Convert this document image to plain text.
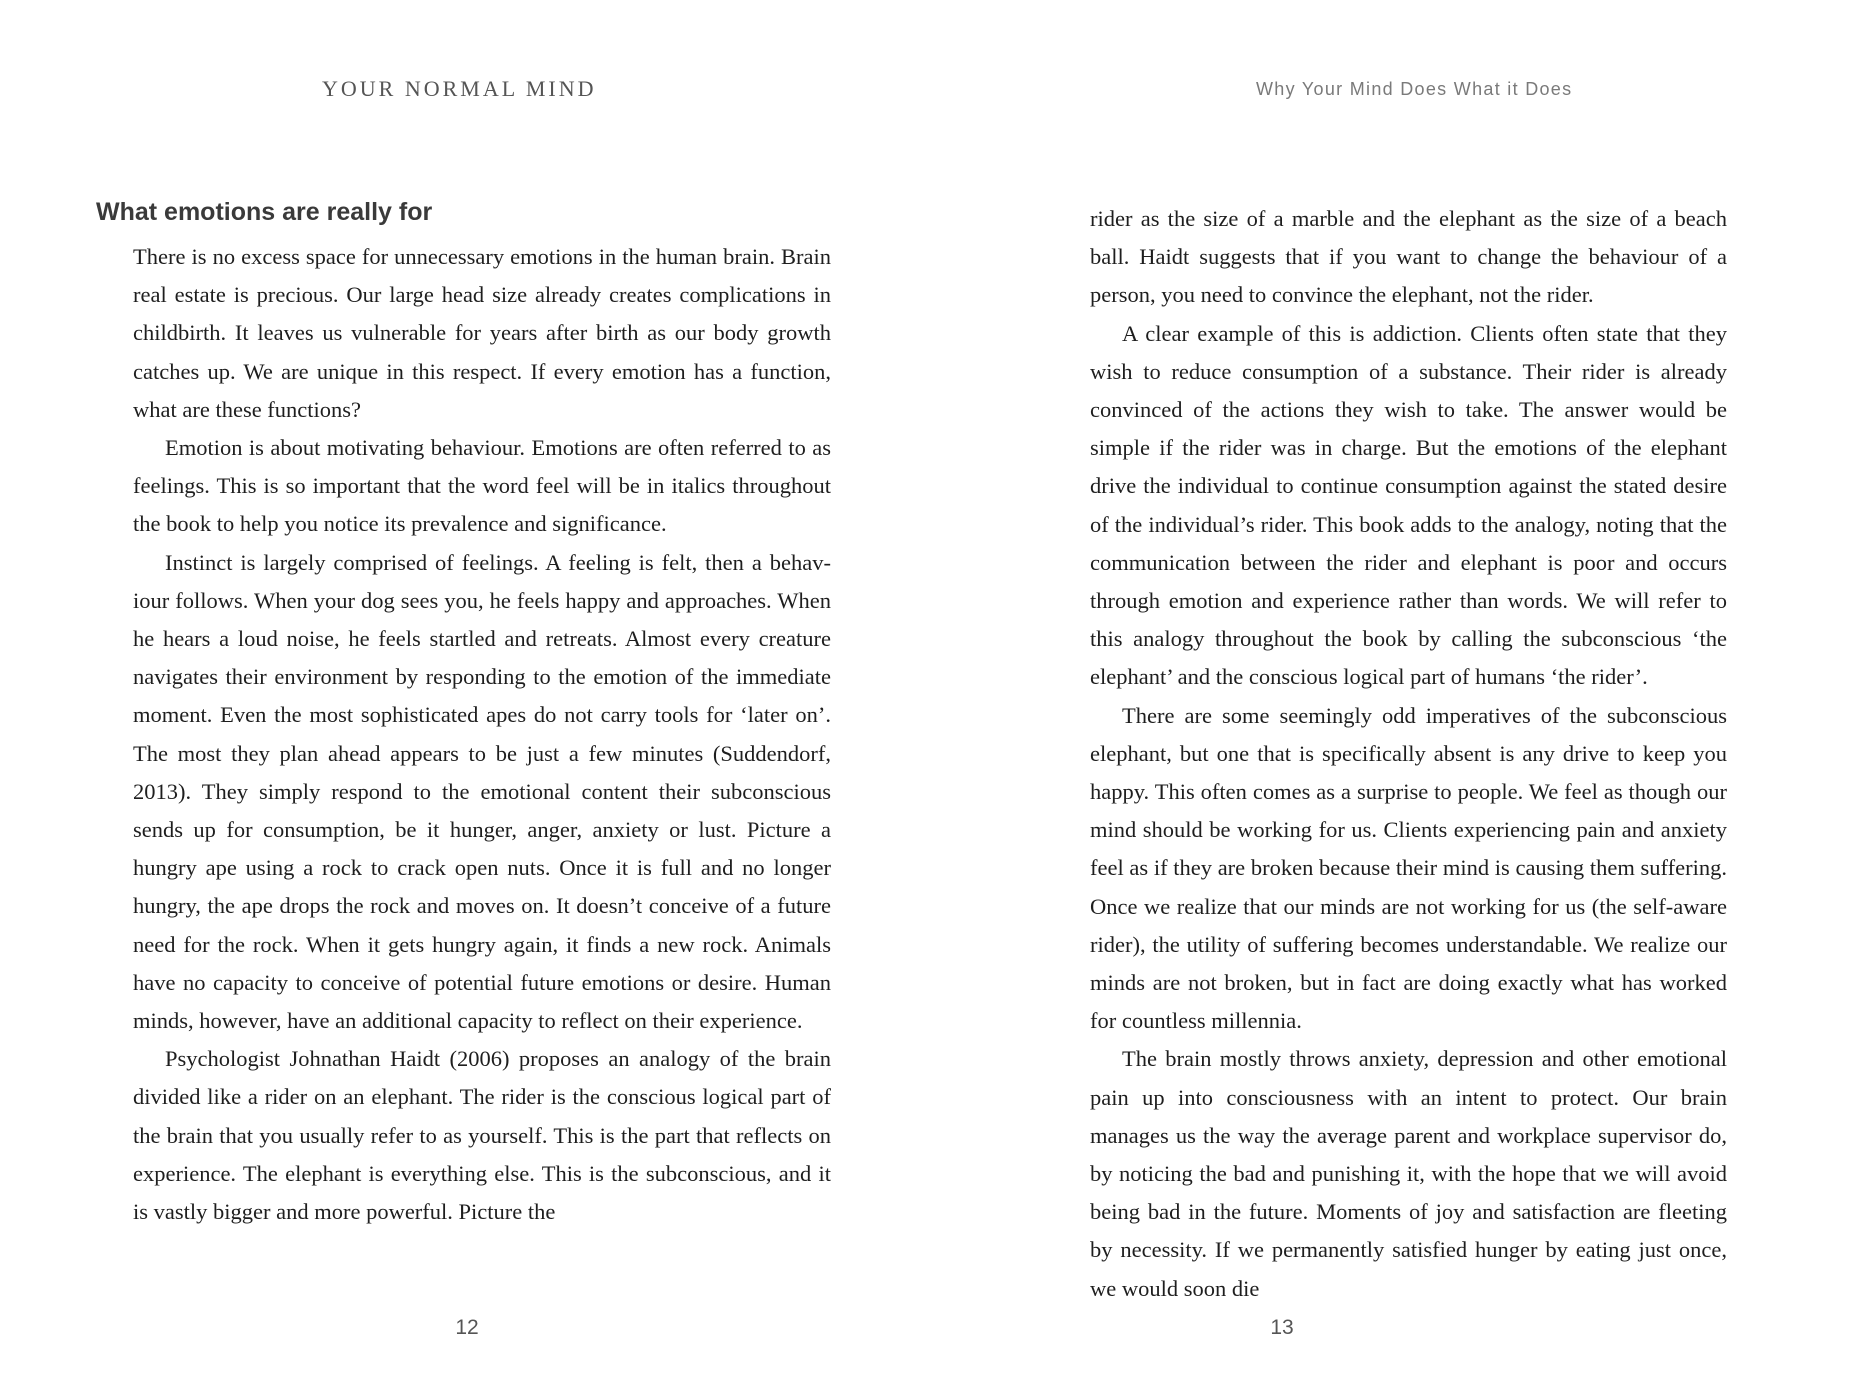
YOUR NORMAL MIND
What emotions are really for

There is no excess space for unnecessary emotions in the human brain. Brain real estate is precious. Our large head size already creates complications in childbirth. It leaves us vulnerable for years after birth as our body growth catches up. We are unique in this respect. If every emotion has a function, what are these functions?

Emotion is about motivating behaviour. Emotions are often referred to as feelings. This is so important that the word feel will be in italics throughout the book to help you notice its prevalence and significance.

Instinct is largely comprised of feelings. A feeling is felt, then a behaviour follows. When your dog sees you, he feels happy and approaches. When he hears a loud noise, he feels startled and retreats. Almost every creature navigates their environment by responding to the emotion of the immediate moment. Even the most sophisticated apes do not carry tools for ‘later on’. The most they plan ahead appears to be just a few minutes (Suddendorf, 2013). They simply respond to the emotional content their subconscious sends up for consumption, be it hunger, anger, anxiety or lust. Picture a hungry ape using a rock to crack open nuts. Once it is full and no longer hungry, the ape drops the rock and moves on. It doesn’t conceive of a future need for the rock. When it gets hungry again, it finds a new rock. Animals have no capacity to conceive of potential future emotions or desire. Human minds, however, have an additional capacity to reflect on their experience.

Psychologist Johnathan Haidt (2006) proposes an analogy of the brain divided like a rider on an elephant. The rider is the conscious logical part of the brain that you usually refer to as yourself. This is the part that reflects on experience. The elephant is everything else. This is the subconscious, and it is vastly bigger and more powerful. Picture the

12
Why Your Mind Does What it Does

rider as the size of a marble and the elephant as the size of a beach ball. Haidt suggests that if you want to change the behaviour of a person, you need to convince the elephant, not the rider.

A clear example of this is addiction. Clients often state that they wish to reduce consumption of a substance. Their rider is already convinced of the actions they wish to take. The answer would be simple if the rider was in charge. But the emotions of the elephant drive the individual to continue consumption against the stated desire of the individual’s rider. This book adds to the analogy, noting that the communication between the rider and elephant is poor and occurs through emotion and experience rather than words. We will refer to this analogy throughout the book by calling the subconscious ‘the elephant’ and the conscious logical part of humans ‘the rider’.

There are some seemingly odd imperatives of the subconscious elephant, but one that is specifically absent is any drive to keep you happy. This often comes as a surprise to people. We feel as though our mind should be working for us. Clients experiencing pain and anxiety feel as if they are broken because their mind is causing them suffering. Once we realize that our minds are not working for us (the self-aware rider), the utility of suffering becomes understandable. We realize our minds are not broken, but in fact are doing exactly what has worked for countless millennia.

The brain mostly throws anxiety, depression and other emotional pain up into consciousness with an intent to protect. Our brain manages us the way the average parent and workplace supervisor do, by noticing the bad and punishing it, with the hope that we will avoid being bad in the future. Moments of joy and satisfaction are fleeting by necessity. If we permanently satisfied hunger by eating just once, we would soon die

13
